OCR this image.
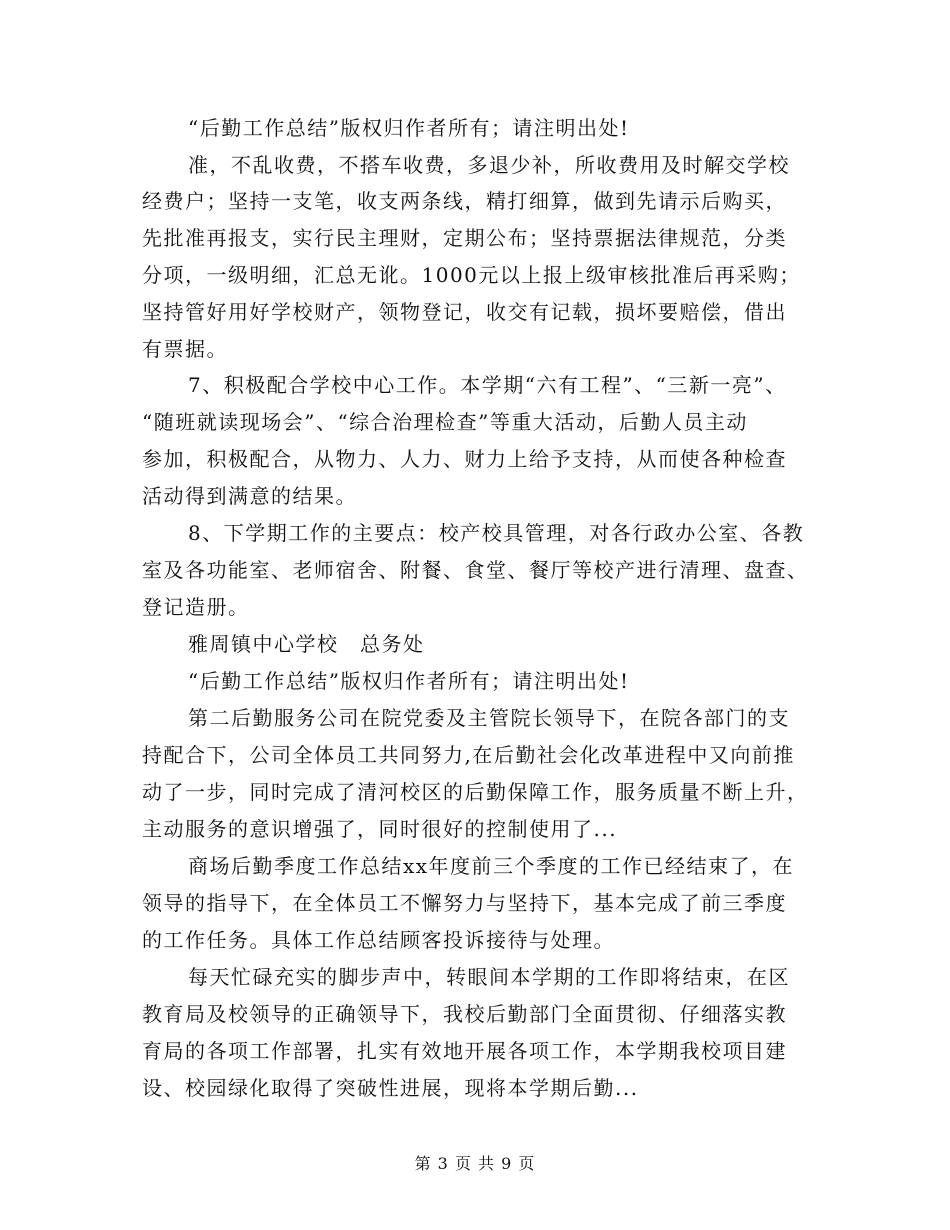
“后勤工作总结”版权归作者所有；请注明出处!
准，不乱收费，不搭车收费，多退少补，所收费用及时解交学校
经费户；坚持一支笔，收支两条线，精打细算，做到先请示后购买，
先批准再报支，实行民主理财，定期公布；坚持票据法律规范，分类
分项，一级明细，汇总无讹。1000元以上报上级审核批准后再采购；
坚持管好用好学校财产，领物登记，收交有记载，损坏要赔偿，借出
有票据。
7、积极配合学校中心工作。本学期“六有工程”、“三新一亮”、
“随班就读现场会”、“综合治理检查”等重大活动，后勤人员主动
参加，积极配合，从物力、人力、财力上给予支持，从而使各种检查
活动得到满意的结果。
8、下学期工作的主要点：校产校具管理，对各行政办公室、各教
室及各功能室、老师宿舍、附餐、食堂、餐厅等校产进行清理、盘查、
登记造册。
雅周镇中心学校　总务处
“后勤工作总结”版权归作者所有；请注明出处!
第二后勤服务公司在院党委及主管院长领导下，在院各部门的支
持配合下，公司全体员工共同努力,在后勤社会化改革进程中又向前推
动了一步，同时完成了清河校区的后勤保障工作，服务质量不断上升，
主动服务的意识增强了，同时很好的控制使用了...
商场后勤季度工作总结xx年度前三个季度的工作已经结束了，在
领导的指导下，在全体员工不懈努力与坚持下，基本完成了前三季度
的工作任务。具体工作总结顾客投诉接待与处理。
每天忙碌充实的脚步声中，转眼间本学期的工作即将结束，在区
教育局及校领导的正确领导下，我校后勤部门全面贯彻、仔细落实教
育局的各项工作部署，扎实有效地开展各项工作，本学期我校项目建
设、校园绿化取得了突破性进展，现将本学期后勤...
第 3 页 共 9 页
